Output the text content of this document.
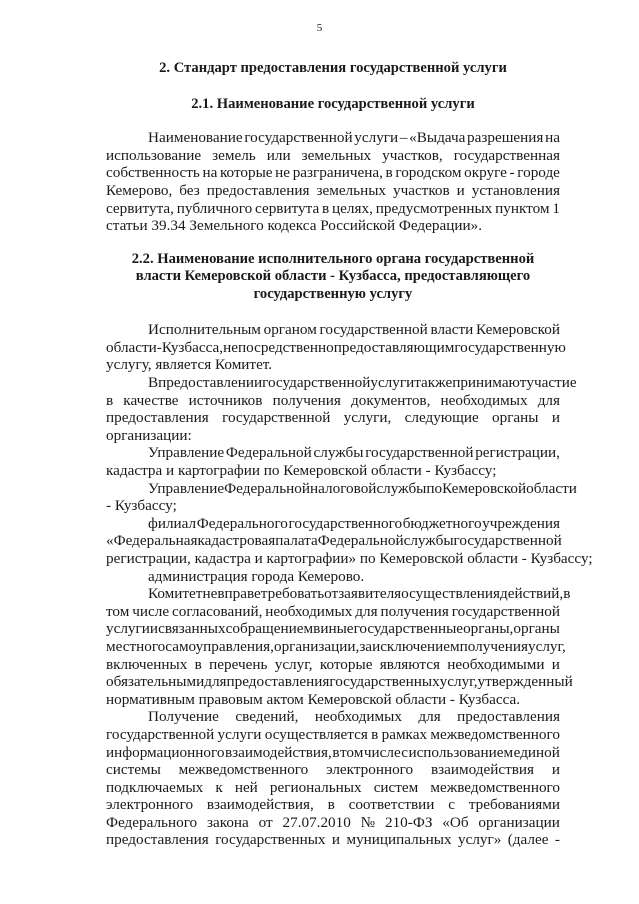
5

2. Стандарт предоставления государственной услуги

2.1. Наименование государственной услуги

Наименование государственной услуги – «Выдача разрешения на
использование земель или земельных участков, государственная
собственность на которые не разграничена, в городском округе - городе
Кемерово, без предоставления земельных участков и установления
сервитута, публичного сервитута в целях, предусмотренных пунктом 1
статьи 39.34 Земельного кодекса Российской Федерации».
2.2. Наименование исполнительного органа государственной
власти Кемеровской области - Кузбасса, предоставляющего
государственную услугу
Исполнительным органом государственной власти Кемеровской
области - Кузбасса, непосредственно предоставляющим государственную
услугу, является Комитет.
В предоставлении государственной услуги также принимают участие
в качестве источников получения документов, необходимых для
предоставления государственной услуги, следующие органы и
организации:
Управление Федеральной службы государственной регистрации,
кадастра и картографии по Кемеровской области - Кузбассу;
Управление Федеральной налоговой службы по Кемеровской области
- Кузбассу;
филиал Федерального государственного бюджетного учреждения
«Федеральная кадастровая палата Федеральной службы государственной
регистрации, кадастра и картографии» по Кемеровской области - Кузбассу;
администрация города Кемерово.
Комитет не вправе требовать от заявителя осуществления действий, в
том числе согласований, необходимых для получения государственной
услуги и связанных с обращением в иные государственные органы, органы
местного самоуправления, организации, за исключением получения услуг,
включенных в перечень услуг, которые являются необходимыми и
обязательными для предоставления государственных услуг, утвержденный
нормативным правовым актом Кемеровской области - Кузбасса.
Получение сведений, необходимых для предоставления
государственной услуги осуществляется в рамках межведомственного
информационного взаимодействия, в том числе с использованием единой
системы межведомственного электронного взаимодействия и
подключаемых к ней региональных систем межведомственного
электронного взаимодействия, в соответствии с требованиями
Федерального закона от 27.07.2010 № 210-ФЗ «Об организации
предоставления государственных и муниципальных услуг» (далее -
